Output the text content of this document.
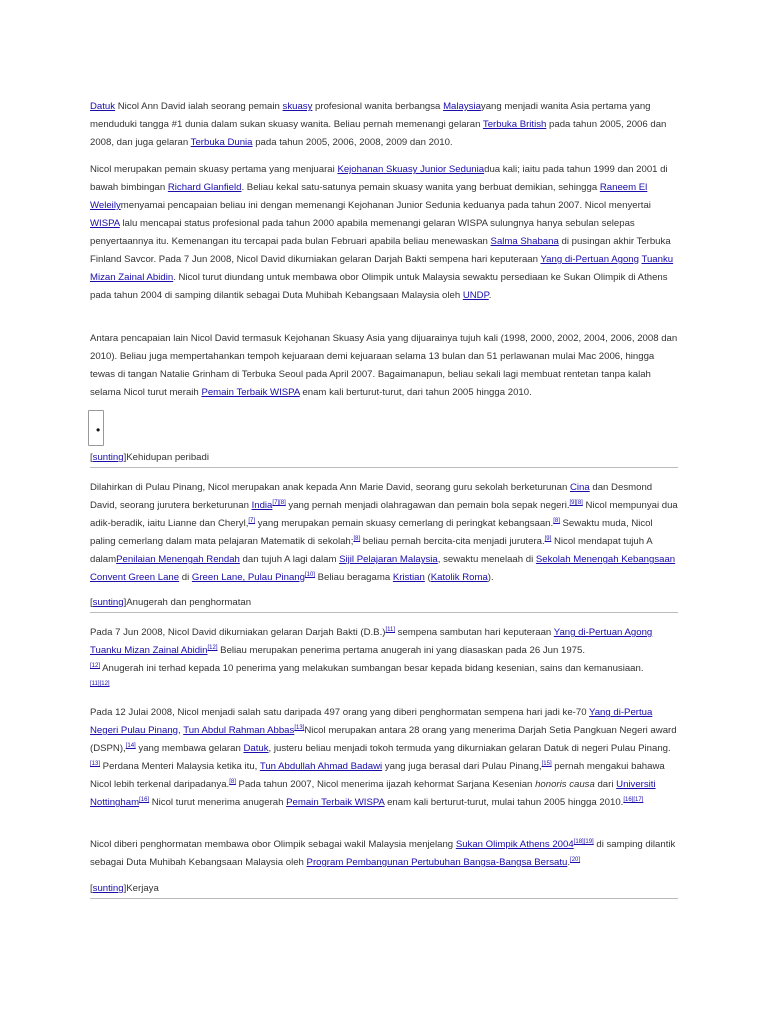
Datuk Nicol Ann David ialah seorang pemain skuasy profesional wanita berbangsa Malaysiayang menjadi wanita Asia pertama yang menduduki tangga #1 dunia dalam sukan skuasy wanita. Beliau pernah memenangi gelaran Terbuka British pada tahun 2005, 2006 dan 2008, dan juga gelaran Terbuka Dunia pada tahun 2005, 2006, 2008, 2009 dan 2010.

Nicol merupakan pemain skuasy pertama yang menjuarai Kejohanan Skuasy Junior Seduniadua kali; iaitu pada tahun 1999 dan 2001 di bawah bimbingan Richard Glanfield. Beliau kekal satu-satunya pemain skuasy wanita yang berbuat demikian, sehingga Raneem El Weleilymenyamai pencapaian beliau ini dengan memenangi Kejohanan Junior Sedunia keduanya pada tahun 2007. Nicol menyertai WISPA lalu mencapai status profesional pada tahun 2000 apabila memenangi gelaran WISPA sulungnya hanya sebulan selepas penyertaannya itu. Kemenangan itu tercapai pada bulan Februari apabila beliau menewaskan Salma Shabana di pusingan akhir Terbuka Finland Savcor. Pada 7 Jun 2008, Nicol David dikurniakan gelaran Darjah Bakti sempena hari keputeraan Yang di-Pertuan Agong Tuanku Mizan Zainal Abidin. Nicol turut diundang untuk membawa obor Olimpik untuk Malaysia sewaktu persediaan ke Sukan Olimpik di Athens pada tahun 2004 di samping dilantik sebagai Duta Muhibah Kebangsaan Malaysia oleh UNDP.

Antara pencapaian lain Nicol David termasuk Kejohanan Skuasy Asia yang dijuarainya tujuh kali (1998, 2000, 2002, 2004, 2006, 2008 dan 2010). Beliau juga mempertahankan tempoh kejuaraan demi kejuaraan selama 13 bulan dan 51 perlawanan mulai Mac 2006, hingga tewas di tangan Natalie Grinham di Terbuka Seoul pada April 2007. Bagaimanapun, beliau sekali lagi membuat rentetan tanpa kalah selama Nicol turut meraih Pemain Terbaik WISPA enam kali berturut-turut, dari tahun 2005 hingga 2010.

•
[sunting]Kehidupan peribadi

Dilahirkan di Pulau Pinang, Nicol merupakan anak kepada Ann Marie David, seorang guru sekolah berketurunan Cina dan Desmond David, seorang jurutera berketurunan India[7][8] yang pernah menjadi olahragawan dan pemain bola sepak negeri.[9][8] Nicol mempunyai dua adik-beradik, iaitu Lianne dan Cheryl,[7] yang merupakan pemain skuasy cemerlang di peringkat kebangsaan.[8] Sewaktu muda, Nicol paling cemerlang dalam mata pelajaran Matematik di sekolah;[8] beliau pernah bercita-cita menjadi jurutera.[9] Nicol mendapat tujuh A dalamPenilaian Menengah Rendah dan tujuh A lagi dalam Sijil Pelajaran Malaysia, sewaktu menelaah di Sekolah Menengah Kebangsaan Convent Green Lane di Green Lane, Pulau Pinang[10] Beliau beragama Kristian (Katolik Roma).

[sunting]Anugerah dan penghormatan

Pada 7 Jun 2008, Nicol David dikurniakan gelaran Darjah Bakti (D.B.)[11] sempena sambutan hari keputeraan Yang di-Pertuan Agong Tuanku Mizan Zainal Abidin[12] Beliau merupakan penerima pertama anugerah ini yang diasaskan pada 26 Jun 1975.
[12] Anugerah ini terhad kepada 10 penerima yang melakukan sumbangan besar kepada bidang kesenian, sains dan kemanusiaan.
[11][12]

Pada 12 Julai 2008, Nicol menjadi salah satu daripada 497 orang yang diberi penghormatan sempena hari jadi ke-70 Yang di-Pertua Negeri Pulau Pinang, Tun Abdul Rahman Abbas[13]Nicol merupakan antara 28 orang yang menerima Darjah Setia Pangkuan Negeri award (DSPN),[14] yang membawa gelaran Datuk, justeru beliau menjadi tokoh termuda yang dikurniakan gelaran Datuk di negeri Pulau Pinang.[13] Perdana Menteri Malaysia ketika itu, Tun Abdullah Ahmad Badawi yang juga berasal dari Pulau Pinang,[15] pernah mengakui bahawa Nicol lebih terkenal daripadanya.[8] Pada tahun 2007, Nicol menerima ijazah kehormat Sarjana Kesenian honoris causa dari Universiti Nottingham[16] Nicol turut menerima anugerah Pemain Terbaik WISPA enam kali berturut-turut, mulai tahun 2005 hingga 2010.[16][17]

Nicol diberi penghormatan membawa obor Olimpik sebagai wakil Malaysia menjelang Sukan Olimpik Athens 2004[18][19] di samping dilantik sebagai Duta Muhibah Kebangsaan Malaysia oleh Program Pembangunan Pertubuhan Bangsa-Bangsa Bersatu.[20]

[sunting]Kerjaya
